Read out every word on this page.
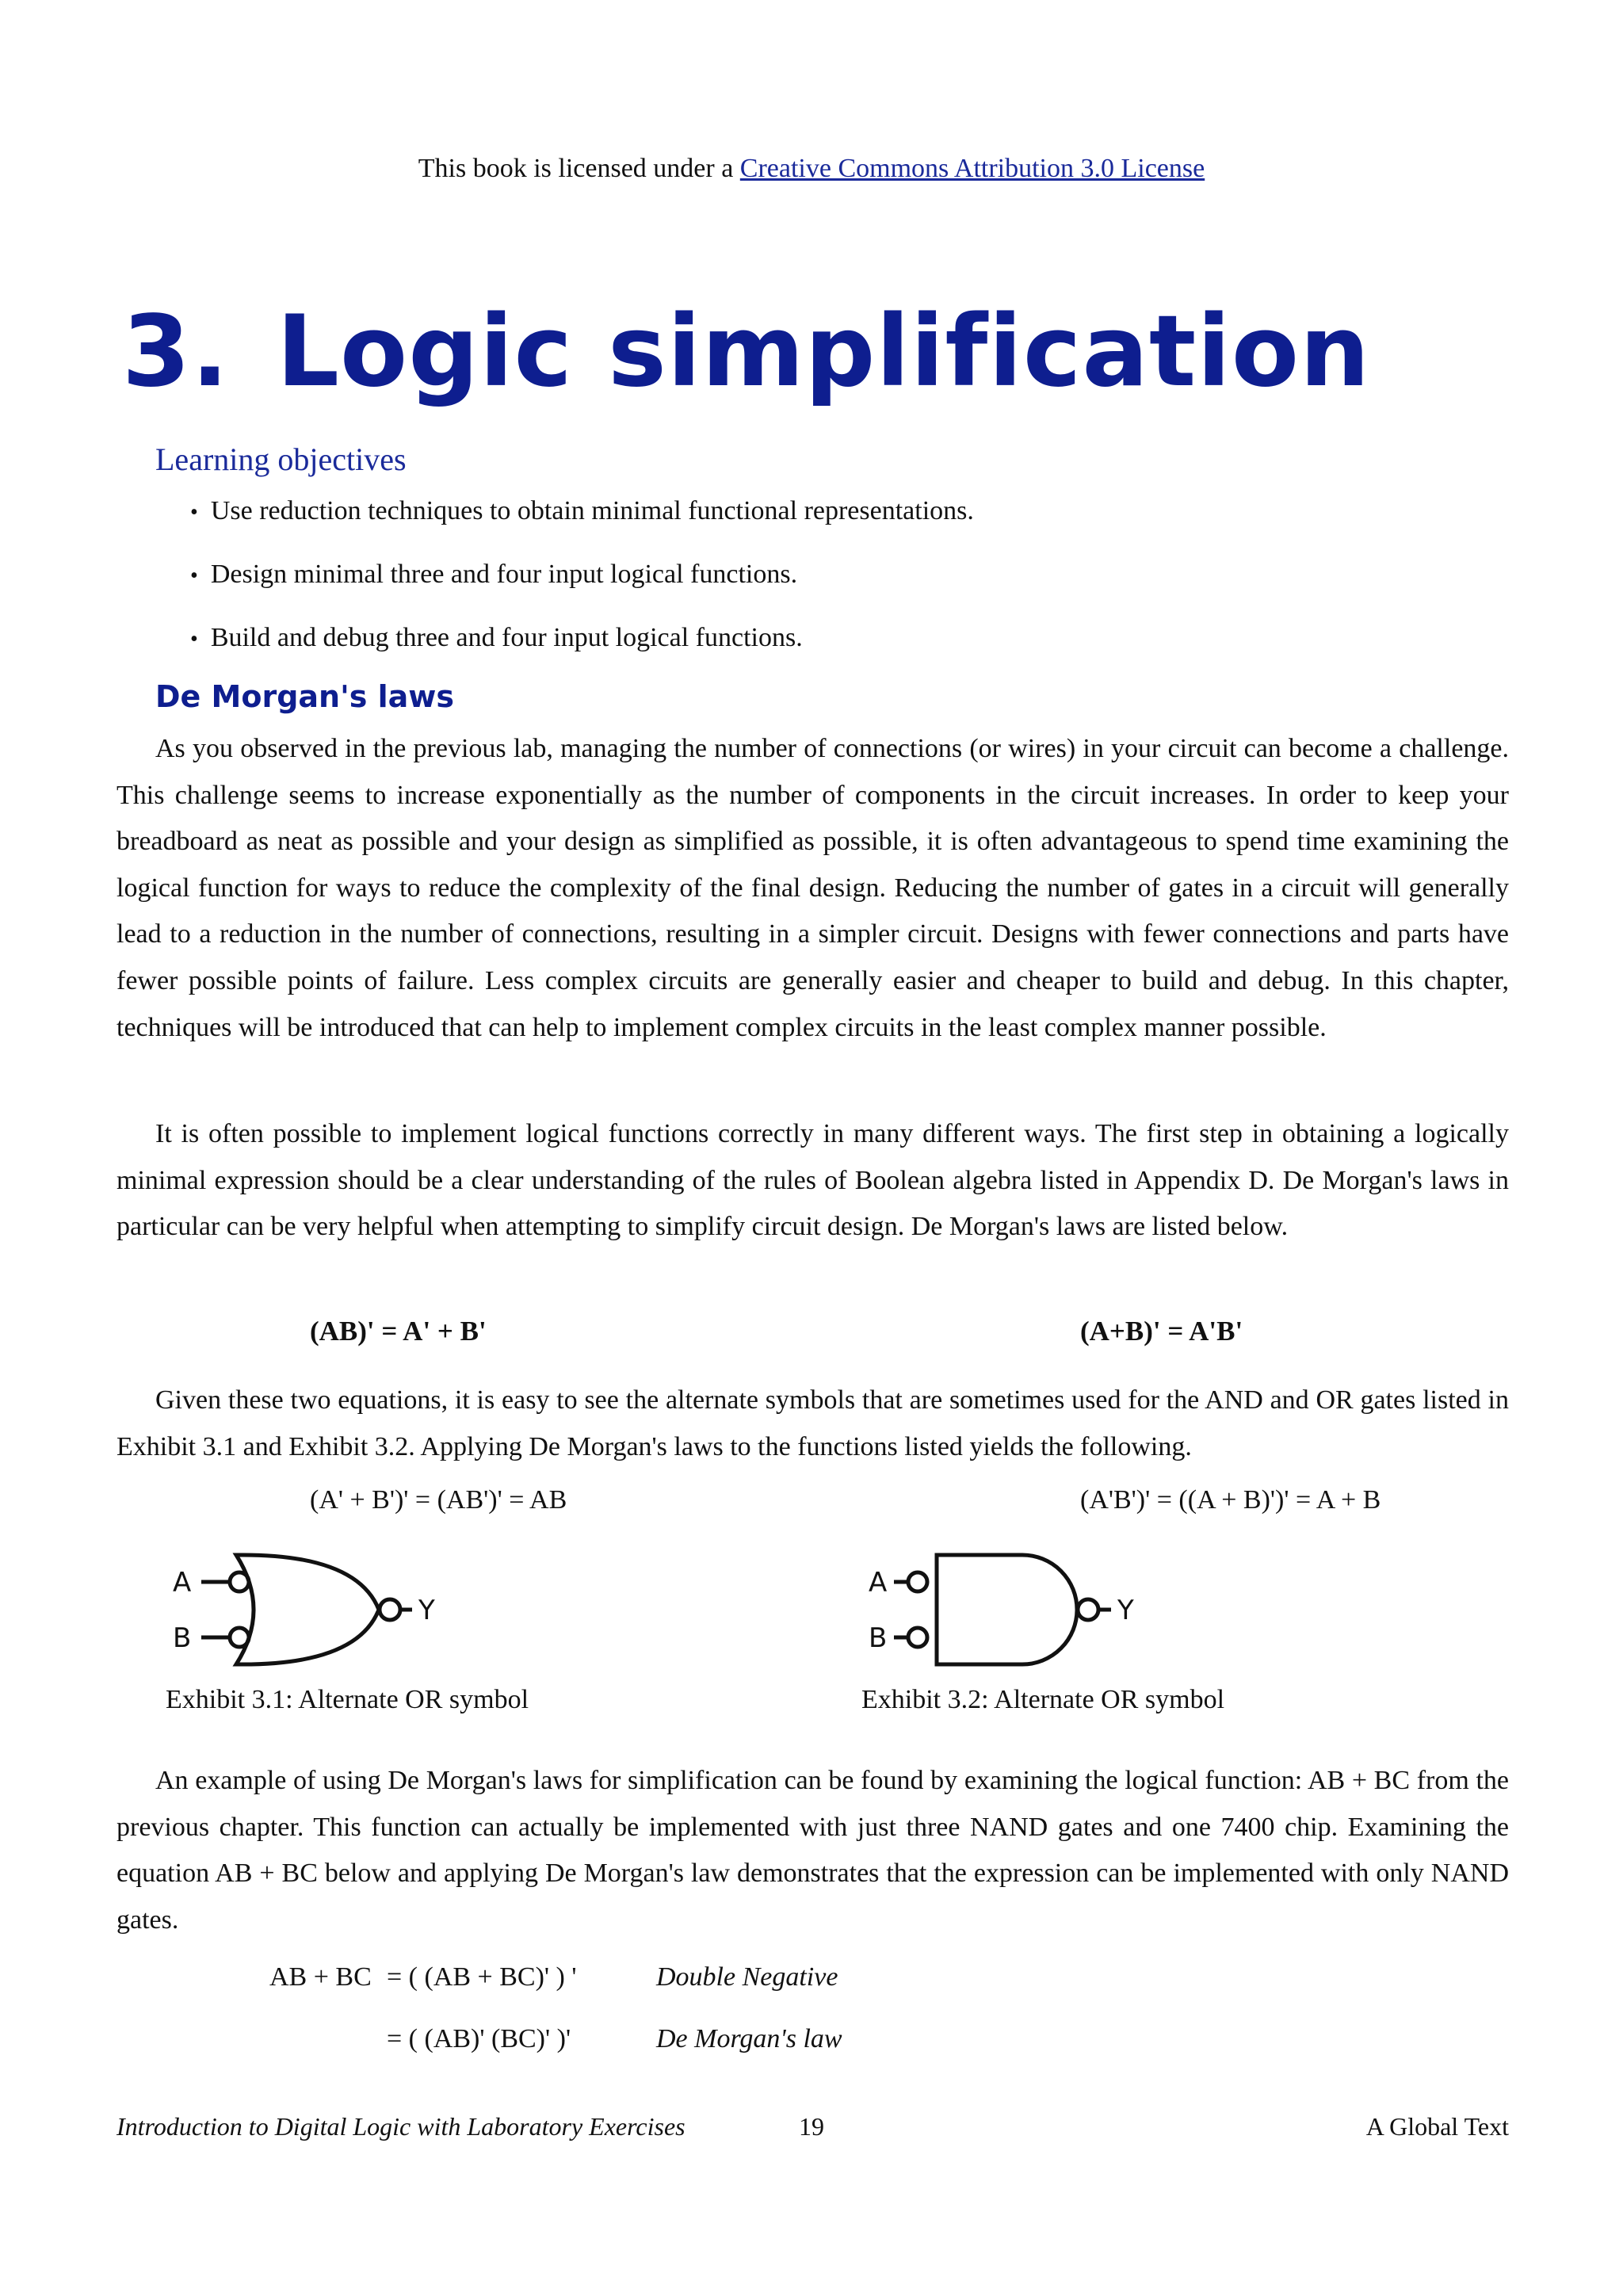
This book is licensed under a Creative Commons Attribution 3.0 License
3. Logic simplification
Learning objectives
• Use reduction techniques to obtain minimal functional representations.
• Design minimal three and four input logical functions.
• Build and debug three and four input logical functions.
De Morgan's laws

As you observed in the previous lab, managing the number of connections (or wires) in your circuit can become a challenge. This challenge seems to increase exponentially as the number of components in the circuit increases. In order to keep your breadboard as neat as possible and your design as simplified as possible, it is often advantageous to spend time examining the logical function for ways to reduce the complexity of the final design. Reducing the number of gates in a circuit will generally lead to a reduction in the number of connections, resulting in a simpler circuit. Designs with fewer connections and parts have fewer possible points of failure. Less complex circuits are generally easier and cheaper to build and debug. In this chapter, techniques will be introduced that can help to implement complex circuits in the least complex manner possible.

It is often possible to implement logical functions correctly in many different ways. The first step in obtaining a logically minimal expression should be a clear understanding of the rules of Boolean algebra listed in Appendix D. De Morgan's laws in particular can be very helpful when attempting to simplify circuit design. De Morgan's laws are listed below.

(AB)' = A' + B'	(A+B)' = A'B'

Given these two equations, it is easy to see the alternate symbols that are sometimes used for the AND and OR gates listed in Exhibit 3.1 and Exhibit 3.2. Applying De Morgan's laws to the functions listed yields the following.

(A' + B')' = (AB')' = AB	(A'B')' = ((A + B)')' = A + B
A
B
Y
A
B
Y
Exhibit 3.1: Alternate OR symbol	Exhibit 3.2: Alternate OR symbol

An example of using De Morgan's laws for simplification can be found by examining the logical function: AB + BC from the previous chapter. This function can actually be implemented with just three NAND gates and one 7400 chip. Examining the equation AB + BC below and applying De Morgan's law demonstrates that the expression can be implemented with only NAND gates.

AB + BC = ( (AB + BC)' ) '	Double Negative
= ( (AB)' (BC)' )'	De Morgan's law
Introduction to Digital Logic with Laboratory Exercises	19	A Global Text
